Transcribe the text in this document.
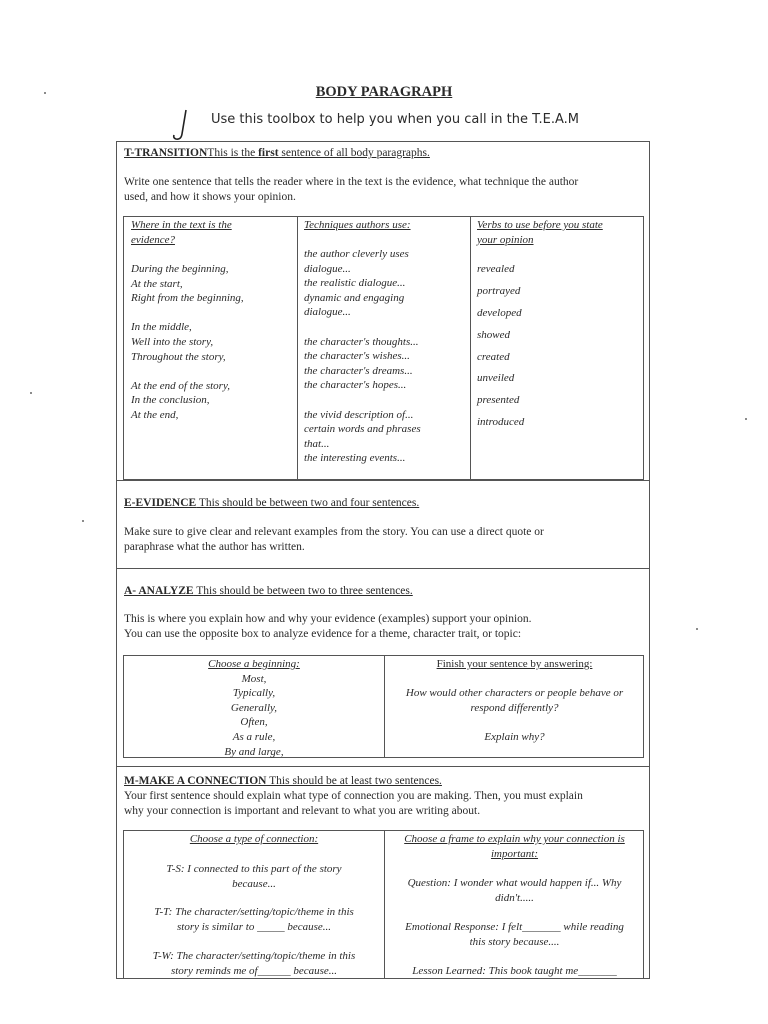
BODY PARAGRAPH
Use this toolbox to help you when you call in the T.E.A.M
T-TRANSITIONThis is the first sentence of all body paragraphs.
Write one sentence that tells the reader where in the text is the evidence, what technique the author
used, and how it shows your opinion.
Where in the text is the
evidence?
Techniques authors use:	Verbs to use before you state
your opinion
During the beginning,
At the start,
Right from the beginning,

In the middle,
Well into the story,
Throughout the story,

At the end of the story,
In the conclusion,
At the end,
the author cleverly uses
dialogue...
the realistic dialogue...
dynamic and engaging
dialogue...

the character's thoughts...
the character's wishes...
the character's dreams...
the character's hopes...

the vivid description of...
certain words and phrases
that...
the interesting events...
revealed
portrayed
developed
showed
created
unveiled
presented
introduced
E-EVIDENCE This should be between two and four sentences.
Make sure to give clear and relevant examples from the story. You can use a direct quote or
paraphrase what the author has written.
A- ANALYZE This should be between two to three sentences.
This is where you explain how and why your evidence (examples) support your opinion.
You can use the opposite box to analyze evidence for a theme, character trait, or topic:
Choose a beginning:
Most,
Typically,
Generally,
Often,
As a rule,
By and large,
Finish your sentence by answering:
How would other characters or people behave or
respond differently?
Explain why?
M-MAKE A CONNECTION This should be at least two sentences.
Your first sentence should explain what type of connection you are making. Then, you must explain
why your connection is important and relevant to what you are writing about.
Choose a type of connection:
T-S: I connected to this part of the story
because...
T-T: The character/setting/topic/theme in this
story is similar to _____ because...
T-W: The character/setting/topic/theme in this
story reminds me of______ because...
Choose a frame to explain why your connection is
important:
Question: I wonder what would happen if... Why
didn't.....
Emotional Response: I felt_______ while reading
this story because....
Lesson Learned: This book taught me_______
